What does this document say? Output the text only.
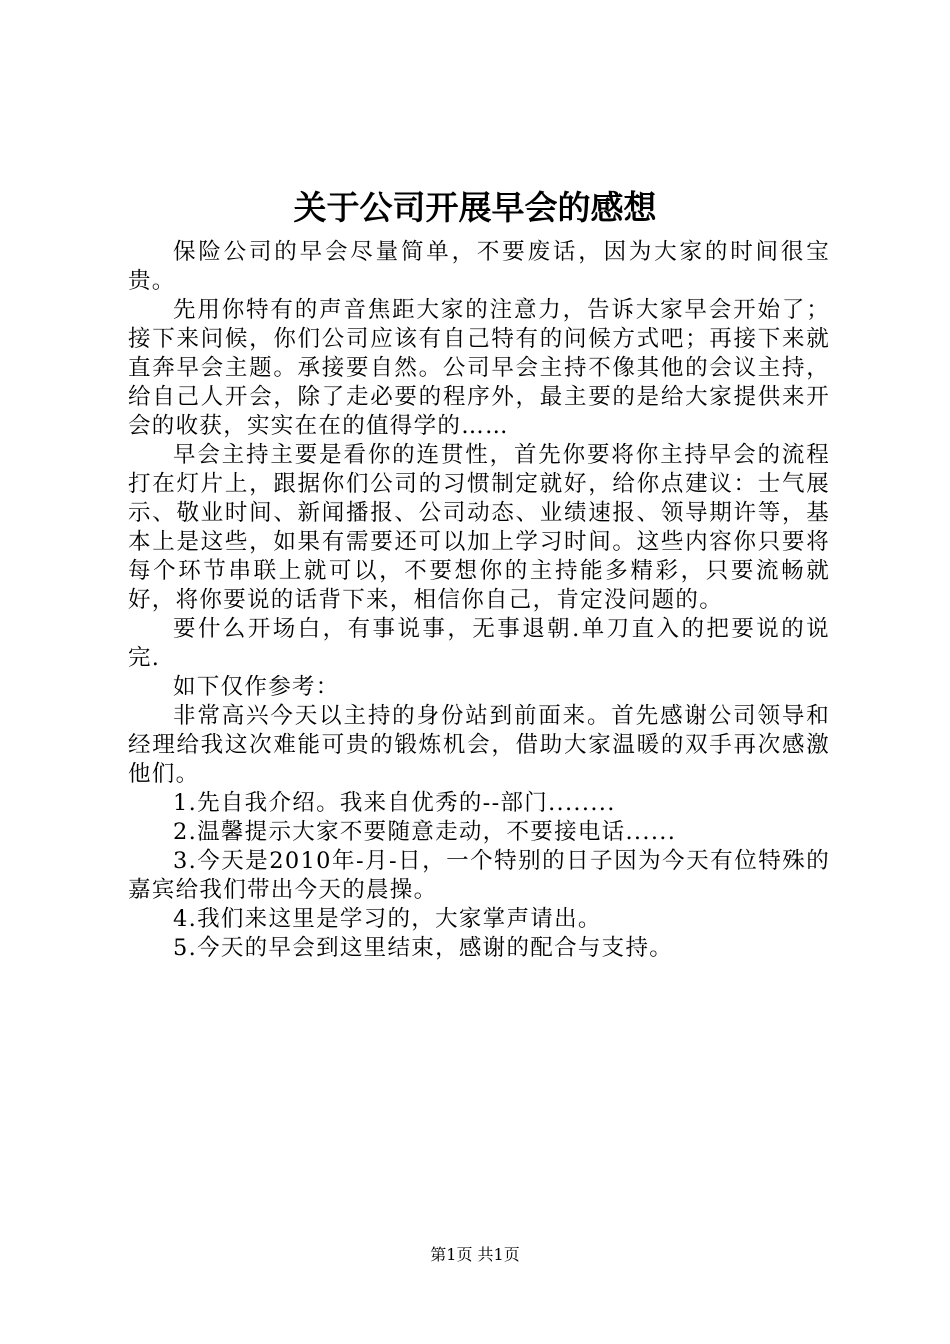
关于公司开展早会的感想

保险公司的早会尽量简单，不要废话，因为大家的时间很宝贵。

先用你特有的声音焦距大家的注意力，告诉大家早会开始了；接下来问候，你们公司应该有自己特有的问候方式吧；再接下来就直奔早会主题。承接要自然。公司早会主持不像其他的会议主持，给自己人开会，除了走必要的程序外，最主要的是给大家提供来开会的收获，实实在在的值得学的……

早会主持主要是看你的连贯性，首先你要将你主持早会的流程打在灯片上，跟据你们公司的习惯制定就好，给你点建议：士气展示、敬业时间、新闻播报、公司动态、业绩速报、领导期许等，基本上是这些，如果有需要还可以加上学习时间。这些内容你只要将每个环节串联上就可以，不要想你的主持能多精彩，只要流畅就好，将你要说的话背下来，相信你自己，肯定没问题的。

要什么开场白，有事说事，无事退朝.单刀直入的把要说的说完.

如下仅作参考：

非常高兴今天以主持的身份站到前面来。首先感谢公司领导和经理给我这次难能可贵的锻炼机会，借助大家温暖的双手再次感激他们。

1.先自我介绍。我来自优秀的--部门........

2.温馨提示大家不要随意走动，不要接电话......

3.今天是2010年-月-日，一个特别的日子因为今天有位特殊的嘉宾给我们带出今天的晨操。

4.我们来这里是学习的，大家掌声请出。

5.今天的早会到这里结束，感谢的配合与支持。

第1页 共1页
